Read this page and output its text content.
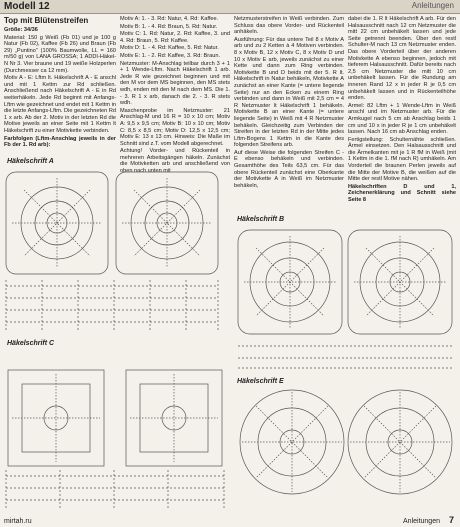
Modell 12	Anleitungen
Top mit Blütenstreifen

Größe: 34/36

Material: 150 g Weiß (Fb 01) und je 100 g Natur (Fb 02), Kaffee (Fb 26) und Braun (Fb 29) „Puntino“ (100% Baumwolle, LL = 160 m/50 g) von LANA GROSSA; 1 ADDI-Häkel-N Nr 3. Vier braune und 19 weiße Holzperlen (Durchmesser ca 12 mm).

Motiv A - E: Lftm lt. Häkelschrift A - E anschl und mit 1 Kettm zur Rd schließen. Anschließend nach Häkelschrift A - E in Rd weiterhäkeln. Jede Rd beginnt mit Anfangs-Lftm wie gezeichnet und endet mit 1 Kettm in die letzte Anfangs-Lftm. Die gezeichneten Rd 1 x arb. Ab der 2. Motiv in der letzten Rd die Motive jeweils an einer Seite mit 1 Kettm lt Häkelschrift zu einer Motivkette verbinden.

Farbfolgen (Lftm-Anschlag jeweils in der Fb der 1. Rd arb):

Motiv A: 1. - 3. Rd: Natur, 4. Rd: Kaffee.

Motiv B: 1. - 4. Rd: Braun, 5. Rd: Natur.

Motiv C: 1. Rd: Natur, 2. Rd: Kaffee, 3. und 4. Rd: Braun, 5. Rd: Kaffee.

Motiv D: 1. - 4. Rd: Kaffee, 5. Rd: Natur.

Motiv E: 1. - 2. Rd: Kaffee, 3. Rd: Braun.

Netzmuster: M-Anschlag teilbar durch 3 + 1 + 1 Wende-Lftm. Nach Häkelschrift 1 arb. Jede R wie gezeichnet beginnen und mit den M vor dem MS beginnen, den MS stets wdh, enden mit den M nach dem MS. Die 1. - 3. R 1 x arb, danach die 2. - 3. R stets wdh.

Maschenprobe im Netzmuster: 21 Anschlag-M und 16 R = 10 x 10 cm; Motiv A: 9,5 x 9,5 cm; Motiv B: 10 x 10 cm; Motiv C: 8,5 x 8,5 cm; Motiv D: 12,5 x 12,5 cm; Motiv E: 13 x 13 cm. Hinweis: Die Maße im Schnitt sind z.T. vom Modell abgerechnet.

Achtung! Vorder- und Rückenteil in mehreren Arbeitsgängen häkeln. Zunächst die Motivketten arb und anschließend von oben nach unten mit

Netzmusterstreifen in Weiß verbinden. Zum Schluss das obere Vorder- und Rückenteil anhäkeln.

Ausführung: Für das untere Teil 8 x Motiv A arb und zu 2 Ketten à 4 Motiven verbinden. 8 x Motiv B, 12 x Motiv C, 8 x Motiv D und 10 x Motiv E arb, jeweils zunächst zu einer Kette und dann zum Ring verbinden. Motivkette B und D beids mit der 5. R lt. Häkelschrift in Natur behäkeln, Motivkette A zunächst an einer Kante (= untere liegende Seite) nur an den Ecken zu einem Ring verbinden und dann in Weiß mit 2,5 cm = 4 R Netzmuster lt Häkelschrift 1 behäkeln. Motivkette B an einer Kante (= untere liegende Seite) in Weiß mit 4 R Netzmuster behäkeln. Gleichzeitig zum Verbinden der Streifen in der letzten Rd in der Mitte jedes Lftm-Bogens 1 Kettm in die Kante des folgenden Streifens arb.

Auf diese Weise die folgenden Streifen C - E ebenso behäkeln und verbinden. Gesamthöhe des Teils 63,5 cm. Für das obere Rückenteil zunächst eine Oberkante der Motivkette A in Weiß im Netzmuster behäkeln,

dabei die 1. R lt Häkelschrift A arb. Für den Halsausschnitt nach 12 cm Netzmuster die mitt 22 cm unbehäkelt lassen und jede Seite getrennt beenden. Über den restl Schulter-M nach 13 cm Netzmuster enden. Das obere Vorderteil über der anderen Motivkette A ebenso beginnen, jedoch mit tieferem Halsausschnitt. Dafür bereits nach 2,5 cm Netzmuster die mitt 10 cm unbehäkelt lassen. Für die Rundung am inneren Rand 12 x in jeder R je 0,5 cm unbehäkelt lassen und in Rückenteilhöhe enden.

Armel: 82 Lftm + 1 Wende-Lftm in Weiß anschl und im Netzmuster arb. Für die Armkugel nach 5 cm ab Anschlag beids 1 cm und 10 x in jeder R je 1 cm unbehäkelt lassen. Nach 16 cm ab Anschlag enden.

Fertigstellung: Schulternähte schließen. Ärmel einsetzen. Den Halsausschnitt und die Ärmelkanten mit je 1 R fM in Weiß (mit 1 Kettm in die 1. fM nach R) umhäkeln. Am Vorderteil die braunen Perlen jeweils auf die Mitte der Motive B, die weißen auf die Mitte der restl Motive nähen.

Häkelschriften D und 1, Zeichenerklärung und Schnitt siehe Seite 8

Häkelschrift A
Häkelschrift B
Häkelschrift C
Häkelschrift E
mirtah.ru	Anleitungen 7
